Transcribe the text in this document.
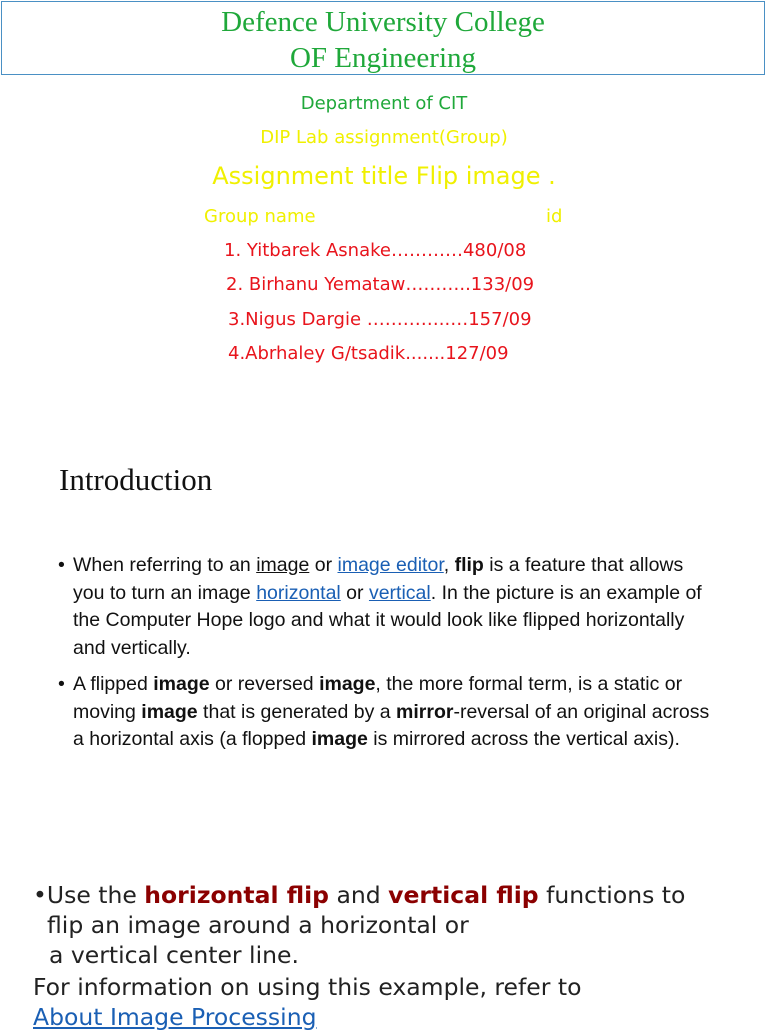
Defence University College
OF Engineering
Department of CIT
DIP Lab assignment(Group)
Assignment title Flip image .
Group name	id
1. Yitbarek Asnake…………480/08
2. Birhanu Yemataw………..133/09
3.Nigus Dargie …………..…157/09
4.Abrhaley G/tsadik.......127/09
Introduction
• When referring to an image or image editor, flip is a feature that allows you to turn an image horizontal or vertical. In the picture is an example of the Computer Hope logo and what it would look like flipped horizontally and vertically.
• A flipped image or reversed image, the more formal term, is a static or moving image that is generated by a mirror-reversal of an original across a horizontal axis (a flopped image is mirrored across the vertical axis).
•Use the horizontal flip and vertical flip functions to
flip an image around a horizontal or
a vertical center line.
For information on using this example, refer to
About Image Processing
